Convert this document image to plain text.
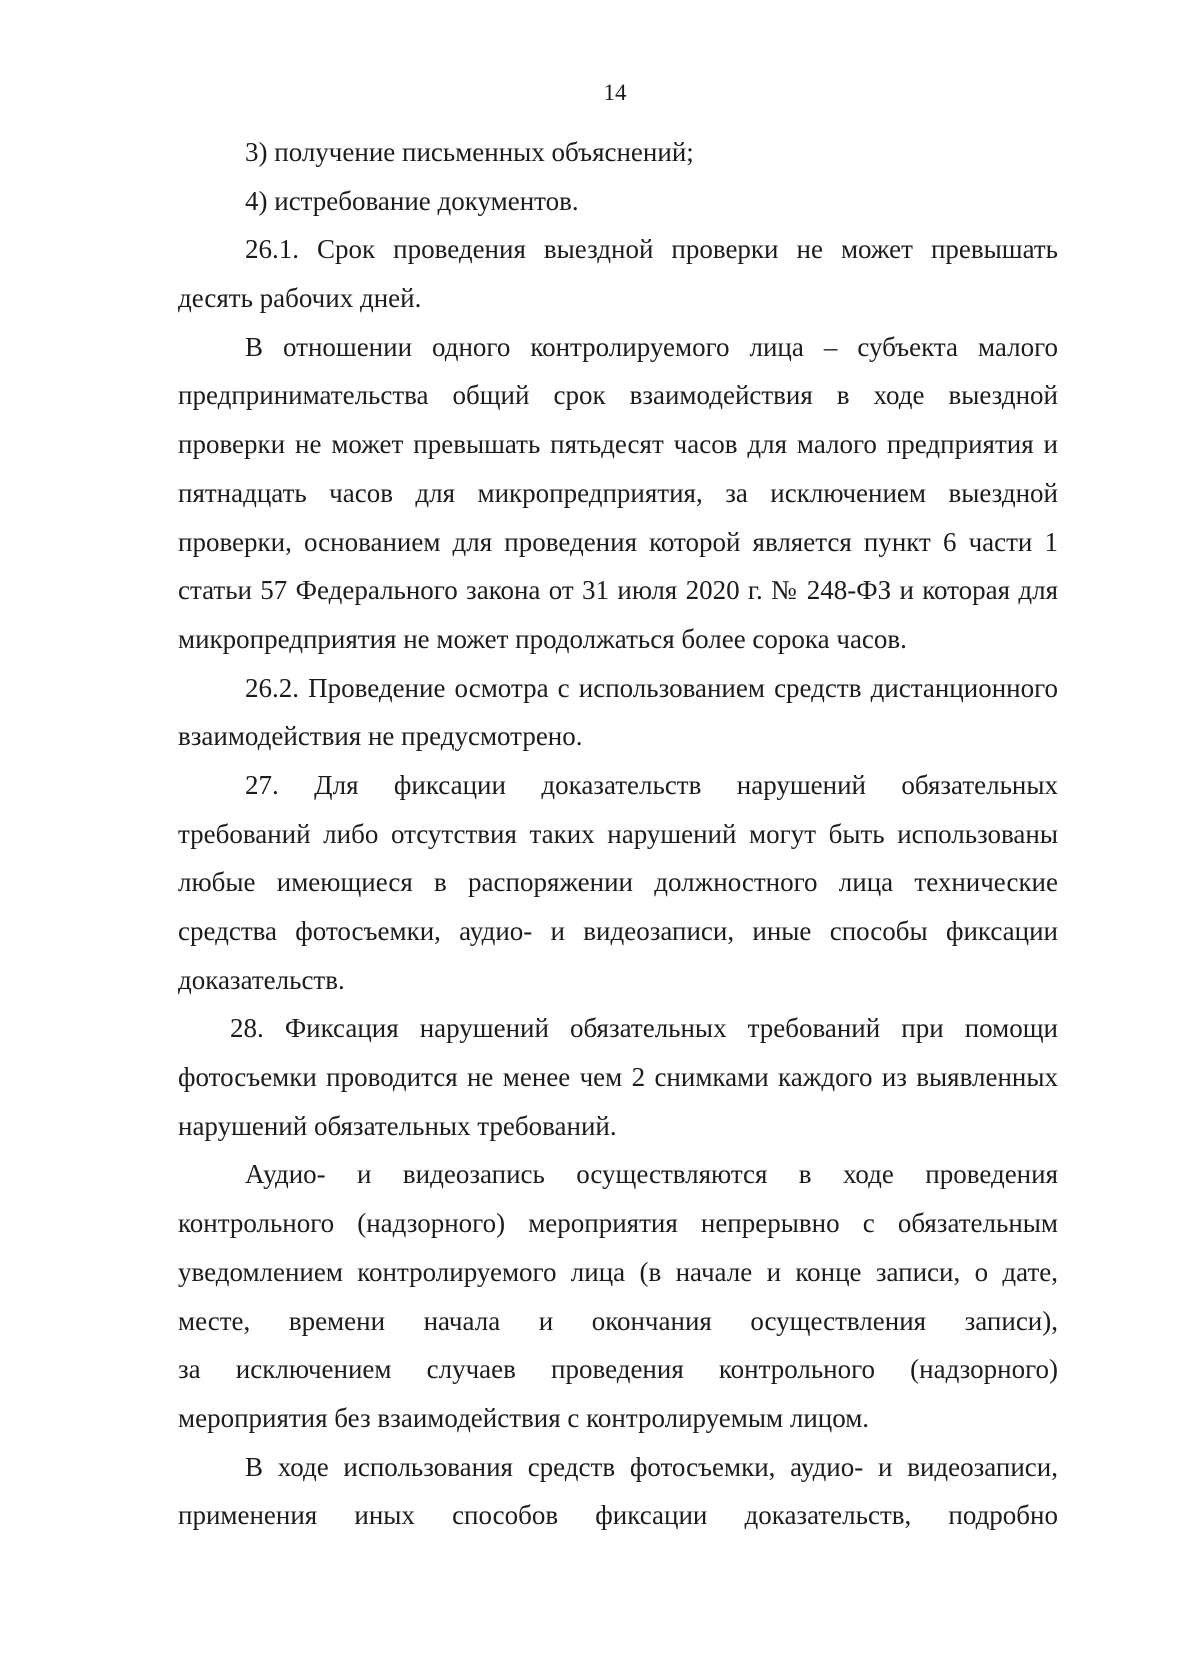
14
3) получение письменных объяснений;
4) истребование документов.
26.1. Срок проведения выездной проверки не может превышать
десять рабочих дней.
В отношении одного контролируемого лица – субъекта малого
предпринимательства общий срок взаимодействия в ходе выездной
проверки не может превышать пятьдесят часов для малого предприятия и
пятнадцать часов для микропредприятия, за исключением выездной
проверки, основанием для проведения которой является пункт 6 части 1
статьи 57 Федерального закона от 31 июля 2020 г. № 248-ФЗ и которая для
микропредприятия не может продолжаться более сорока часов.
26.2. Проведение осмотра с использованием средств дистанционного
взаимодействия не предусмотрено.
27. Для фиксации доказательств нарушений обязательных
требований либо отсутствия таких нарушений могут быть использованы
любые имеющиеся в распоряжении должностного лица технические
средства фотосъемки, аудио- и видеозаписи, иные способы фиксации
доказательств.
28. Фиксация нарушений обязательных требований при помощи
фотосъемки проводится не менее чем 2 снимками каждого из выявленных
нарушений обязательных требований.
Аудио- и видеозапись осуществляются в ходе проведения
контрольного (надзорного) мероприятия непрерывно с обязательным
уведомлением контролируемого лица (в начале и конце записи, о дате,
месте, времени начала и окончания осуществления записи),
за исключением случаев проведения контрольного (надзорного)
мероприятия без взаимодействия с контролируемым лицом.
В ходе использования средств фотосъемки, аудио- и видеозаписи,
применения иных способов фиксации доказательств, подробно
